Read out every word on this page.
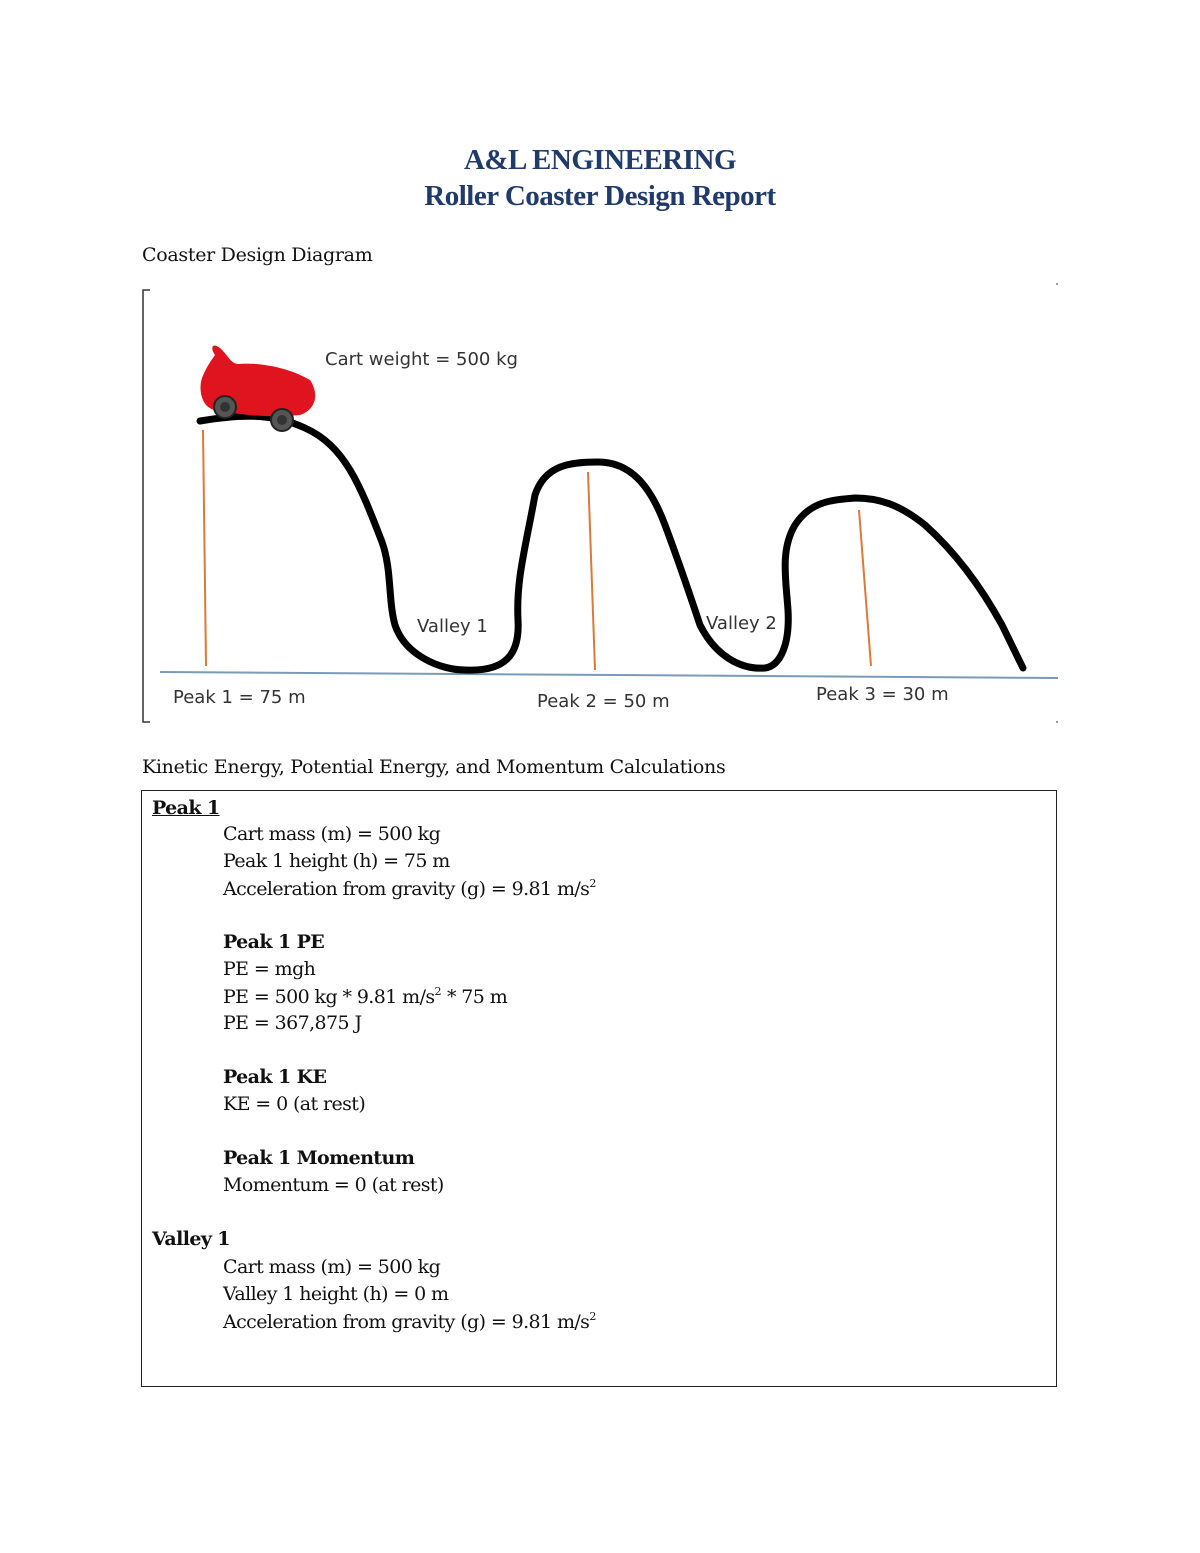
A&L ENGINEERING
Roller Coaster Design Report
Coaster Design Diagram
Cart weight = 500 kg
Valley 1	Valley 2
Peak 1 = 75 m	Peak 2 = 50 m	Peak 3 = 30 m
Kinetic Energy, Potential Energy, and Momentum Calculations
Peak 1
Cart mass (m) = 500 kg
Peak 1 height (h) = 75 m
Acceleration from gravity (g) = 9.81 $m/s^2$
Peak 1 PE
PE = mgh
PE = 500 kg * 9.81 $m/s^2 * 75$ m
PE = 367,875 J
Peak 1 KE
KE = 0 (at rest)
Peak 1 Momentum
Momentum = 0 (at rest)
Valley 1
Cart mass (m) = 500 kg
Valley 1 height (h) = 0 m
Acceleration from gravity (g) = 9.81 $m/s^2$
